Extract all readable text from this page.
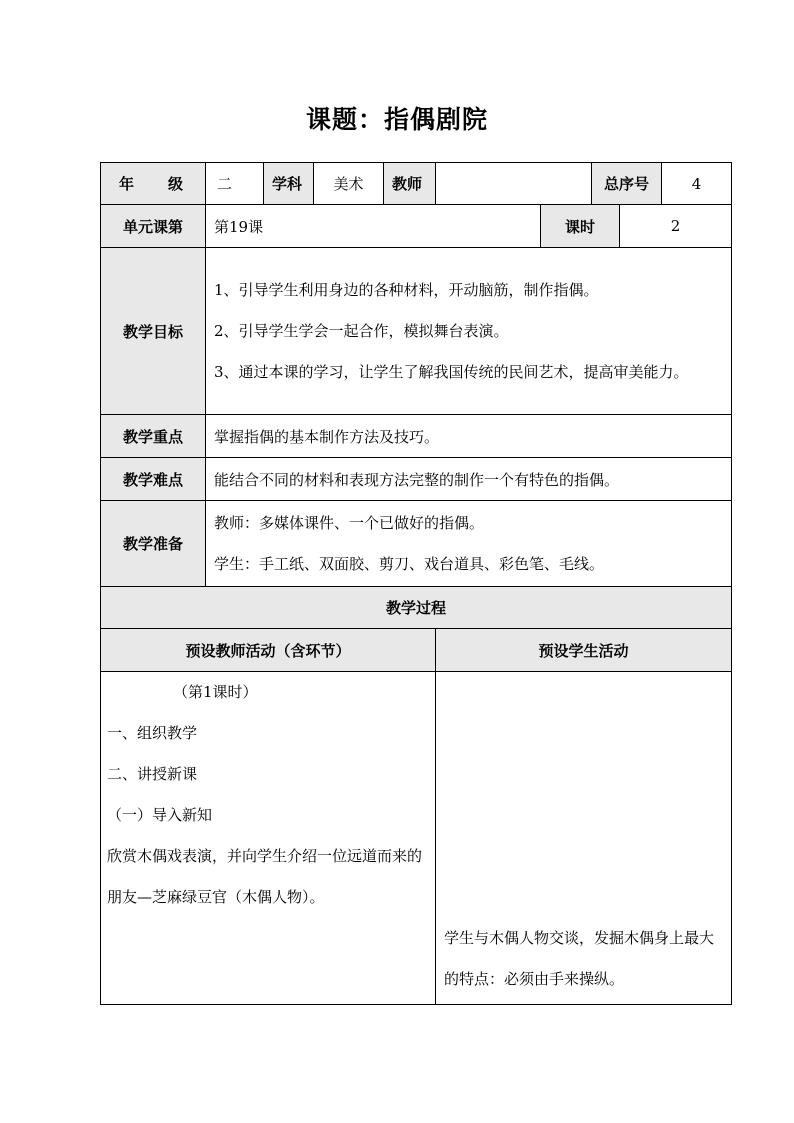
课题：指偶剧院
年 级	二	学科	美术	教师			总序号		4
单元课第	第19课					课时		2	
教学目标	1、引导学生利用身边的各种材料，开动脑筋，制作指偶。
2、引导学生学会一起合作，模拟舞台表演。
3、通过本课的学习，让学生了解我国传统的民间艺术，提高审美能力。								

教学重点	掌握指偶的基本制作方法及技巧。								
教学难点	能结合不同的材料和表现方法完整的制作一个有特色的指偶。								
教学准备	教师：多媒体课件、一个已做好的指偶。
学生：手工纸、双面胶、剪刀、戏台道具、彩色笔、毛线。								

教学过程									
预设教师活动（含环节）					预设学生活动				

（第1课时）
一、组织教学
二、讲授新课
（一）导入新知
欣赏木偶戏表演，并向学生介绍一位远道而来的朋友—芝麻绿豆官（木偶人物）。					学生与木偶人物交谈，发掘木偶身上最大的特点：必须由手来操纵。				
